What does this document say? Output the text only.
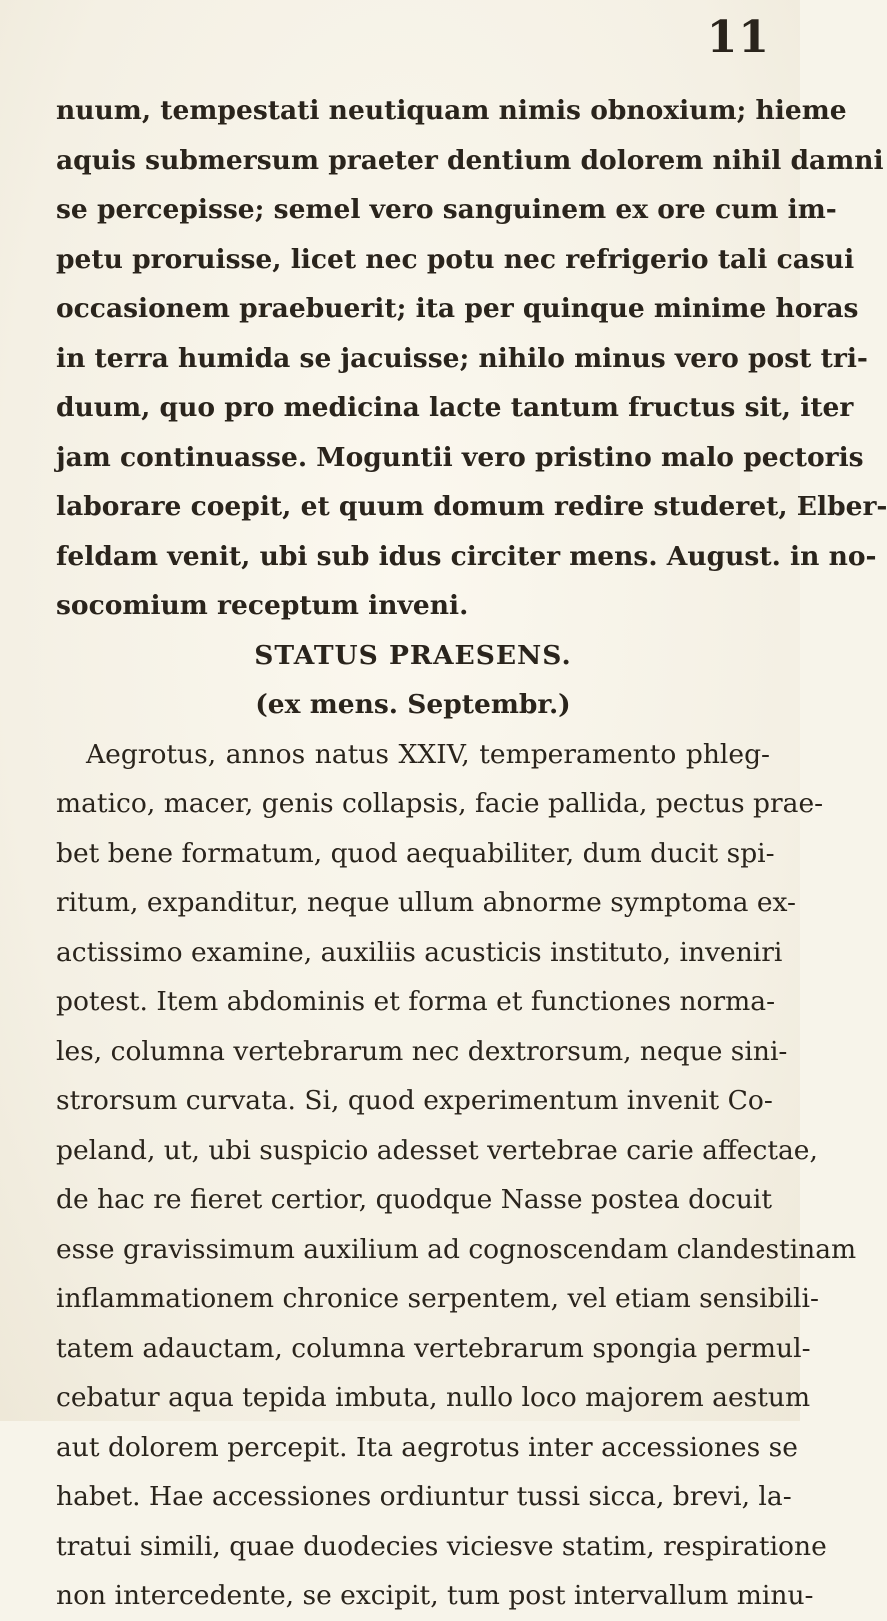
11
nuum, tempestati neutiquam nimis obnoxium; hieme
aquis submersum praeter dentium dolorem nihil damni
se percepisse; semel vero sanguinem ex ore cum im-
petu proruisse, licet nec potu nec refrigerio tali casui
occasionem praebuerit; ita per quinque minime horas
in terra humida se jacuisse; nihilo minus vero post tri-
duum, quo pro medicina lacte tantum fructus sit, iter
jam continuasse. Moguntii vero pristino malo pectoris
laborare coepit, et quum domum redire studeret, Elber-
feldam venit, ubi sub idus circiter mens. August. in no-
socomium receptum inveni.
STATUS PRAESENS.
(ex mens. Septembr.)
Aegrotus, annos natus XXIV, temperamento phleg-
matico, macer, genis collapsis, facie pallida, pectus prae-
bet bene formatum, quod aequabiliter, dum ducit spi-
ritum, expanditur, neque ullum abnorme symptoma ex-
actissimo examine, auxiliis acusticis instituto, inveniri
potest. Item abdominis et forma et functiones norma-
les, columna vertebrarum nec dextrorsum, neque sini-
strorsum curvata. Si, quod experimentum invenit Co-
peland, ut, ubi suspicio adesset vertebrae carie affectae,
de hac re fieret certior, quodque Nasse postea docuit
esse gravissimum auxilium ad cognoscendam clandestinam
inflammationem chronice serpentem, vel etiam sensibili-
tatem adauctam, columna vertebrarum spongia permul-
cebatur aqua tepida imbuta, nullo loco majorem aestum
aut dolorem percepit. Ita aegrotus inter accessiones se
habet. Hae accessiones ordiuntur tussi sicca, brevi, la-
tratui simili, quae duodecies viciesve statim, respiratione
non intercedente, se excipit, tum post intervallum minu-
